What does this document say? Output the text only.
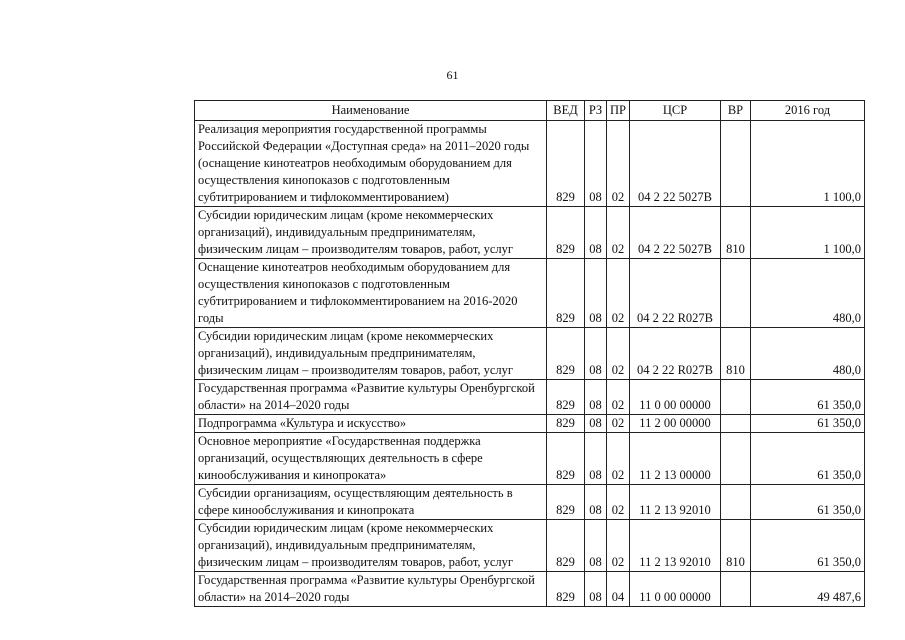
61
Наименование	ВЕД	РЗ	ПР	ЦСР	ВР	2016 год
Реализация мероприятия государственной программы Российской Федерации «Доступная среда» на 2011–2020 годы (оснащение кинотеатров необходимым оборудованием для осуществления кинопоказов с подготовленным субтитрированием и тифлокомментированием)	829	08	02	04 2 22 5027B		1 100,0
Субсидии юридическим лицам (кроме некоммерческих организаций), индивидуальным предпринимателям, физическим лицам – производителям товаров, работ, услуг	829	08	02	04 2 22 5027B	810	1 100,0
Оснащение кинотеатров необходимым оборудованием для осуществления кинопоказов с подготовленным субтитрированием и тифлокомментированием на 2016-2020 годы	829	08	02	04 2 22 R027B		480,0
Субсидии юридическим лицам (кроме некоммерческих организаций), индивидуальным предпринимателям, физическим лицам – производителям товаров, работ, услуг	829	08	02	04 2 22 R027B	810	480,0
Государственная программа «Развитие культуры Оренбургской области» на 2014–2020 годы	829	08	02	11 0 00 00000		61 350,0
Подпрограмма «Культура и искусство»	829	08	02	11 2 00 00000		61 350,0
Основное мероприятие «Государственная поддержка организаций, осуществляющих деятельность в сфере кинообслуживания и кинопроката»	829	08	02	11 2 13 00000		61 350,0
Субсидии организациям, осуществляющим деятельность в сфере кинообслуживания и кинопроката	829	08	02	11 2 13 92010		61 350,0
Субсидии юридическим лицам (кроме некоммерческих организаций), индивидуальным предпринимателям, физическим лицам – производителям товаров, работ, услуг	829	08	02	11 2 13 92010	810	61 350,0
Государственная программа «Развитие культуры Оренбургской области» на 2014–2020 годы	829	08	04	11 0 00 00000		49 487,6
